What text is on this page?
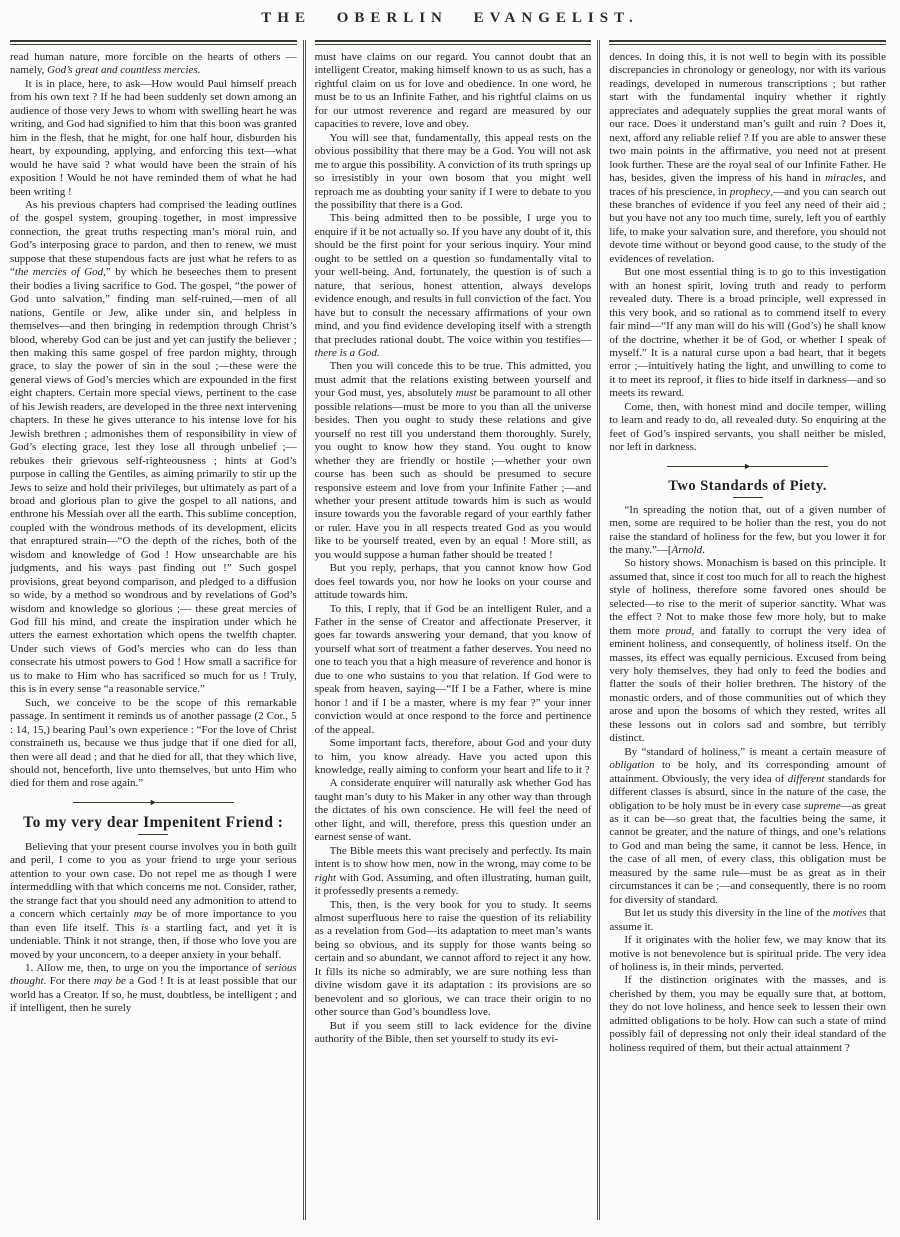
THE OBERLIN EVANGELIST.

read human nature, more forcible on the hearts of others —namely, God’s great and countless mercies.

It is in place, here, to ask—How would Paul himself preach from his own text ? If he had been suddenly set down among an audience of those very Jews to whom with swelling heart he was writing, and God had signified to him that this boon was granted him in the flesh, that he might, for one half hour, disburden his heart, by expounding, applying, and enforcing this text—what would he have said ? what would have been the strain of his exposition ! Would he not have reminded them of what he had been writing !

As his previous chapters had comprised the leading outlines of the gospel system, grouping together, in most impressive connection, the great truths respecting man’s moral ruin, and God’s interposing grace to pardon, and then to renew, we must suppose that these stupendous facts are just what he refers to as “the mercies of God,” by which he beseeches them to present their bodies a living sacrifice to God. The gospel, “the power of God unto salvation,” finding man self-ruined,—men of all nations, Gentile or Jew, alike under sin, and helpless in themselves—and then bringing in redemption through Christ’s blood, whereby God can be just and yet can justify the believer ; then making this same gospel of free pardon mighty, through grace, to slay the power of sin in the soul ;—these were the general views of God’s mercies which are expounded in the first eight chapters. Certain more special views, pertinent to the case of his Jewish readers, are developed in the three next intervening chapters. In these he gives utterance to his intense love for his Jewish brethren ; admonishes them of responsibility in view of God’s electing grace, lest they lose all through unbelief ;—rebukes their grievous self-righteousness ; hints at God’s purpose in calling the Gentiles, as aiming primarily to stir up the Jews to seize and hold their privileges, but ultimately as part of a broad and glorious plan to give the gospel to all nations, and enthrone his Messiah over all the earth. This sublime conception, coupled with the wondrous methods of its development, elicits that enraptured strain—“O the depth of the riches, both of the wisdom and knowledge of God ! How unsearchable are his judgments, and his ways past finding out !” Such gospel provisions, great beyond comparison, and pledged to a diffusion so wide, by a method so wondrous and by revelations of God’s wisdom and knowledge so glorious ;— these great mercies of God fill his mind, and create the inspiration under which he utters the earnest exhortation which opens the twelfth chapter. Under such views of God’s mercies who can do less than consecrate his utmost powers to God ! How small a sacrifice for us to make to Him who has sacrificed so much for us ! Truly, this is in every sense “a reasonable service.”

Such, we conceive to be the scope of this remarkable passage. In sentiment it reminds us of another passage (2 Cor., 5 : 14, 15,) bearing Paul’s own experience : “For the love of Christ constraineth us, because we thus judge that if one died for all, then were all dead ; and that he died for all, that they which live, should not, henceforth, live unto themselves, but unto Him who died for them and rose again.”

►
To my very dear Impenitent Friend :

Believing that your present course involves you in both guilt and peril, I come to you as your friend to urge your serious attention to your own case. Do not repel me as though I were intermeddling with that which concerns me not. Consider, rather, the strange fact that you should need any admonition to attend to a concern which certainly may be of more importance to you than even life itself. This is a startling fact, and yet it is undeniable. Think it not strange, then, if those who love you are moved by your unconcern, to a deeper anxiety in your behalf.

1. Allow me, then, to urge on you the importance of serious thought. For there may be a God ! It is at least possible that our world has a Creator. If so, he must, doubtless, be intelligent ; and if intelligent, then he surely

must have claims on our regard. You cannot doubt that an intelligent Creator, making himself known to us as such, has a rightful claim on us for love and obedience. In one word, he must be to us an Infinite Father, and his rightful claims on us for our utmost reverence and regard are measured by our capacities to revere, love and obey.

You will see that, fundamentally, this appeal rests on the obvious possibility that there may be a God. You will not ask me to argue this possibility. A conviction of its truth springs up so irresistibly in your own bosom that you might well reproach me as doubting your sanity if I were to debate to you the possibility that there is a God.

This being admitted then to be possible, I urge you to enquire if it be not actually so. If you have any doubt of it, this should be the first point for your serious inquiry. Your mind ought to be settled on a question so fundamentally vital to your well-being. And, fortunately, the question is of such a nature, that serious, honest attention, always develops evidence enough, and results in full conviction of the fact. You have but to consult the necessary affirmations of your own mind, and you find evidence developing itself with a strength that precludes rational doubt. The voice within you testifies—there is a God.

Then you will concede this to be true. This admitted, you must admit that the relations existing between yourself and your God must, yes, absolutely must be paramount to all other possible relations—must be more to you than all the universe besides. Then you ought to study these relations and give yourself no rest till you understand them thoroughly. Surely, you ought to know how they stand. You ought to know whether they are friendly or hostile ;—whether your own course has been such as should be presumed to secure responsive esteem and love from your Infinite Father ;—and whether your present attitude towards him is such as would insure towards you the favorable regard of your earthly father or ruler. Have you in all respects treated God as you would like to be yourself treated, even by an equal ! More still, as you would suppose a human father should be treated !

But you reply, perhaps, that you cannot know how God does feel towards you, nor how he looks on your course and attitude towards him.

To this, I reply, that if God be an intelligent Ruler, and a Father in the sense of Creator and affectionate Preserver, it goes far towards answering your demand, that you know of yourself what sort of treatment a father deserves. You need no one to teach you that a high measure of reverence and honor is due to one who sustains to you that relation. If God were to speak from heaven, saying—“If I be a Father, where is mine honor ! and if I be a master, where is my fear ?” your inner conviction would at once respond to the force and pertinence of the appeal.

Some important facts, therefore, about God and your duty to him, you know already. Have you acted upon this knowledge, really aiming to conform your heart and life to it ?

A considerate enquirer will naturally ask whether God has taught man’s duty to his Maker in any other way than through the dictates of his own conscience. He will feel the need of other light, and will, therefore, press this question under an earnest sense of want.

The Bible meets this want precisely and perfectly. Its main intent is to show how men, now in the wrong, may come to be right with God. Assuming, and often illustrating, human guilt, it professedly presents a remedy.

This, then, is the very book for you to study. It seems almost superfluous here to raise the question of its reliability as a revelation from God—its adaptation to meet man’s wants being so obvious, and its supply for those wants being so certain and so abundant, we cannot afford to reject it any how. It fills its niche so admirably, we are sure nothing less than divine wisdom gave it its adaptation : its provisions are so benevolent and so glorious, we can trace their origin to no other source than God’s boundless love.

But if you seem still to lack evidence for the divine authority of the Bible, then set yourself to study its evi-

dences. In doing this, it is not well to begin with its possible discrepancies in chronology or geneology, nor with its various readings, developed in numerous transcriptions ; but rather start with the fundamental inquiry whether it rightly appreciates and adequately supplies the great moral wants of our race. Does it understand man’s guilt and ruin ? Does it, next, afford any reliable relief ? If you are able to answer these two main points in the affirmative, you need not at present look further. These are the royal seal of our Infinite Father. He has, besides, given the impress of his hand in miracles, and traces of his prescience, in prophecy,—and you can search out these branches of evidence if you feel any need of their aid ; but you have not any too much time, surely, left you of earthly life, to make your salvation sure, and therefore, you should not devote time without or beyond good cause, to the study of the evidences of revelation.

But one most essential thing is to go to this investigation with an honest spirit, loving truth and ready to perform revealed duty. There is a broad principle, well expressed in this very book, and so rational as to commend itself to every fair mind—“If any man will do his will (God’s) he shall know of the doctrine, whether it be of God, or whether I speak of myself.” It is a natural curse upon a bad heart, that it begets error ;—intuitively hating the light, and unwilling to come to it to meet its reproof, it flies to hide itself in darkness—and so meets its reward.

Come, then, with honest mind and docile temper, willing to learn and ready to do, all revealed duty. So enquiring at the feet of God’s inspired servants, you shall neither be misled, nor left in darkness.

►
Two Standards of Piety.

“In spreading the notion that, out of a given number of men, some are required to be holier than the rest, you do not raise the standard of holiness for the few, but you lower it for the many.”—[Arnold.

So history shows. Monachism is based on this principle. It assumed that, since it cost too much for all to reach the highest style of holiness, therefore some favored ones should be selected—to rise to the merit of superior sanctity. What was the effect ? Not to make those few more holy, but to make them more proud, and fatally to corrupt the very idea of eminent holiness, and consequently, of holiness itself. On the masses, its effect was equally pernicious. Excused from being very holy themselves, they had only to feed the bodies and flatter the souls of their holier brethren. The history of the monastic orders, and of those communities out of which they arose and upon the bosoms of which they rested, writes all these lessons out in colors sad and sombre, but terribly distinct.

By “standard of holiness,” is meant a certain measure of obligation to be holy, and its corresponding amount of attainment. Obviously, the very idea of different standards for different classes is absurd, since in the nature of the case, the obligation to be holy must be in every case supreme—as great as it can be—so great that, the faculties being the same, it cannot be greater, and the nature of things, and one’s relations to God and man being the same, it cannot be less. Hence, in the case of all men, of every class, this obligation must be measured by the same rule—must be as great as in their circumstances it can be ;—and consequently, there is no room for diversity of standard.

But let us study this diversity in the line of the motives that assume it.

If it originates with the holier few, we may know that its motive is not benevolence but is spiritual pride. The very idea of holiness is, in their minds, perverted.

If the distinction originates with the masses, and is cherished by them, you may be equally sure that, at bottom, they do not love holiness, and hence seek to lessen their own admitted obligations to be holy. How can such a state of mind possibly fail of depressing not only their ideal standard of the holiness required of them, but their actual attainment ?
